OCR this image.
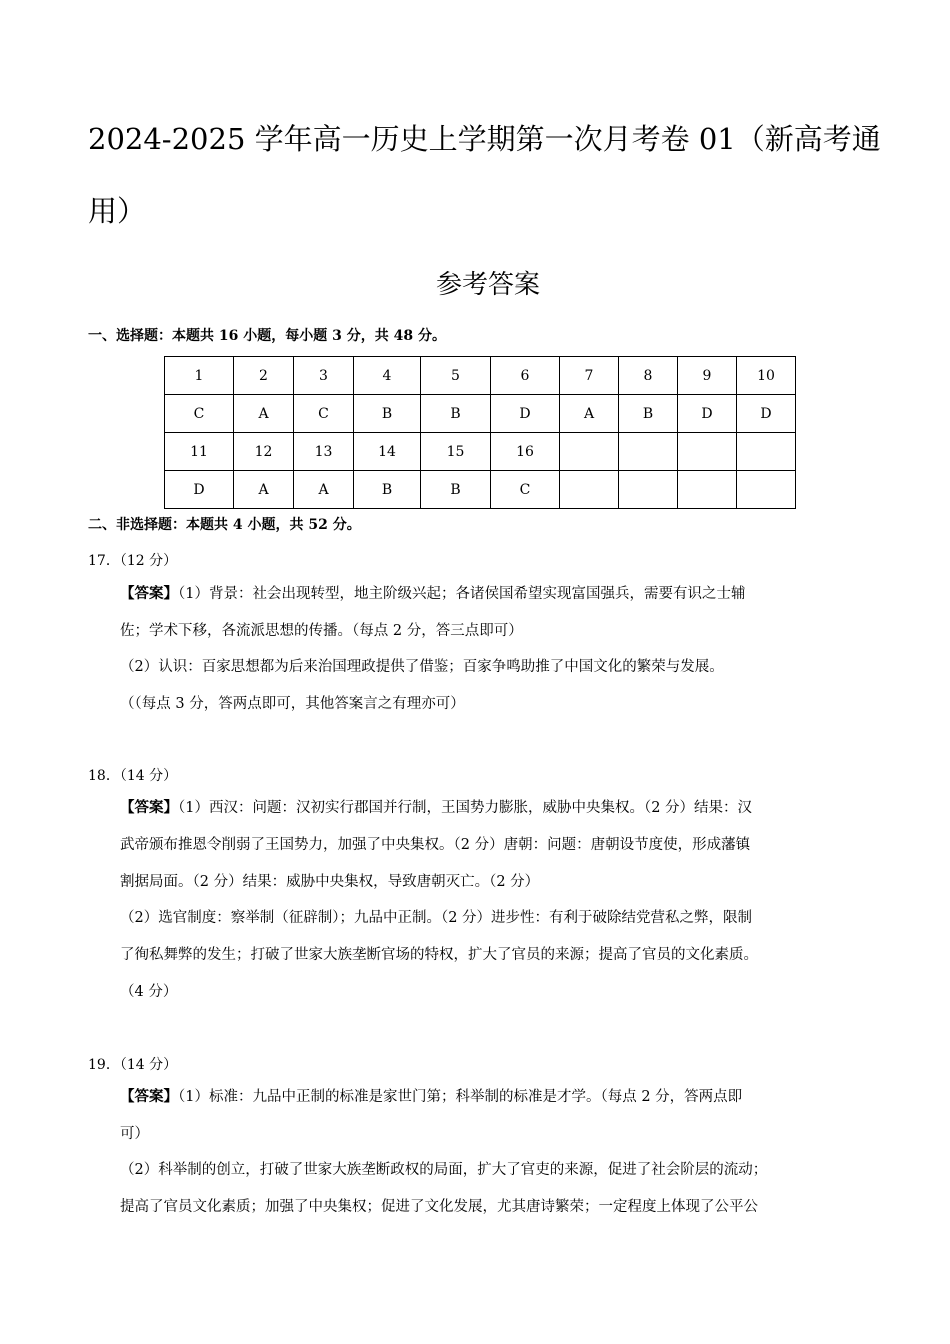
2024-2025 学年高一历史上学期第一次月考卷 01（新高考通
用）
参考答案
一、选择题：本题共 16 小题，每小题 3 分，共 48 分。
1	2	3	4	5	6	7	8	9	10
C	A	C	B	B	D	A	B	D	D
11	12	13	14	15	16				
D	A	A	B	B	C				
二、非选择题：本题共 4 小题，共 52 分。
17．（12 分）
【答案】（1）背景：社会出现转型，地主阶级兴起；各诸侯国希望实现富国强兵，需要有识之士辅
佐；学术下移，各流派思想的传播。（每点 2 分，答三点即可）
（2）认识：百家思想都为后来治国理政提供了借鉴；百家争鸣助推了中国文化的繁荣与发展。
（（每点 3 分，答两点即可，其他答案言之有理亦可）
18．（14 分）
【答案】（1）西汉：问题：汉初实行郡国并行制，王国势力膨胀，威胁中央集权。（2 分）结果：汉
武帝颁布推恩令削弱了王国势力，加强了中央集权。（2 分）唐朝：问题：唐朝设节度使，形成藩镇
割据局面。（2 分）结果：威胁中央集权，导致唐朝灭亡。（2 分）
（2）选官制度：察举制（征辟制）；九品中正制。（2 分）进步性：有利于破除结党营私之弊，限制
了徇私舞弊的发生；打破了世家大族垄断官场的特权，扩大了官员的来源；提高了官员的文化素质。
（4 分）
19．（14 分）
【答案】（1）标准：九品中正制的标准是家世门第；科举制的标准是才学。（每点 2 分，答两点即
可）
（2）科举制的创立，打破了世家大族垄断政权的局面，扩大了官吏的来源，促进了社会阶层的流动；
提高了官员文化素质；加强了中央集权；促进了文化发展，尤其唐诗繁荣；一定程度上体现了公平公
